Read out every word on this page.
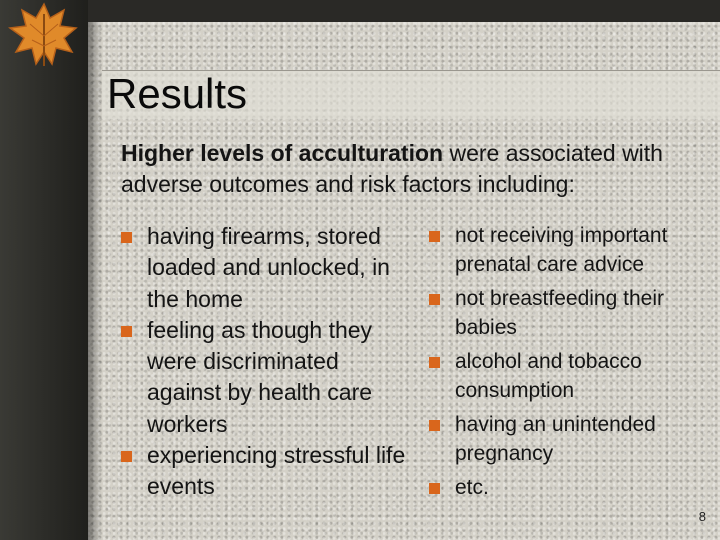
Results

Higher levels of acculturation were associated with adverse outcomes and risk factors including:

having firearms, stored loaded and unlocked, in the home
feeling as though they were discriminated against by health care workers
experiencing stressful life events
not receiving important prenatal care advice
not breastfeeding their babies
alcohol and tobacco consumption
having an unintended pregnancy
etc.
8
